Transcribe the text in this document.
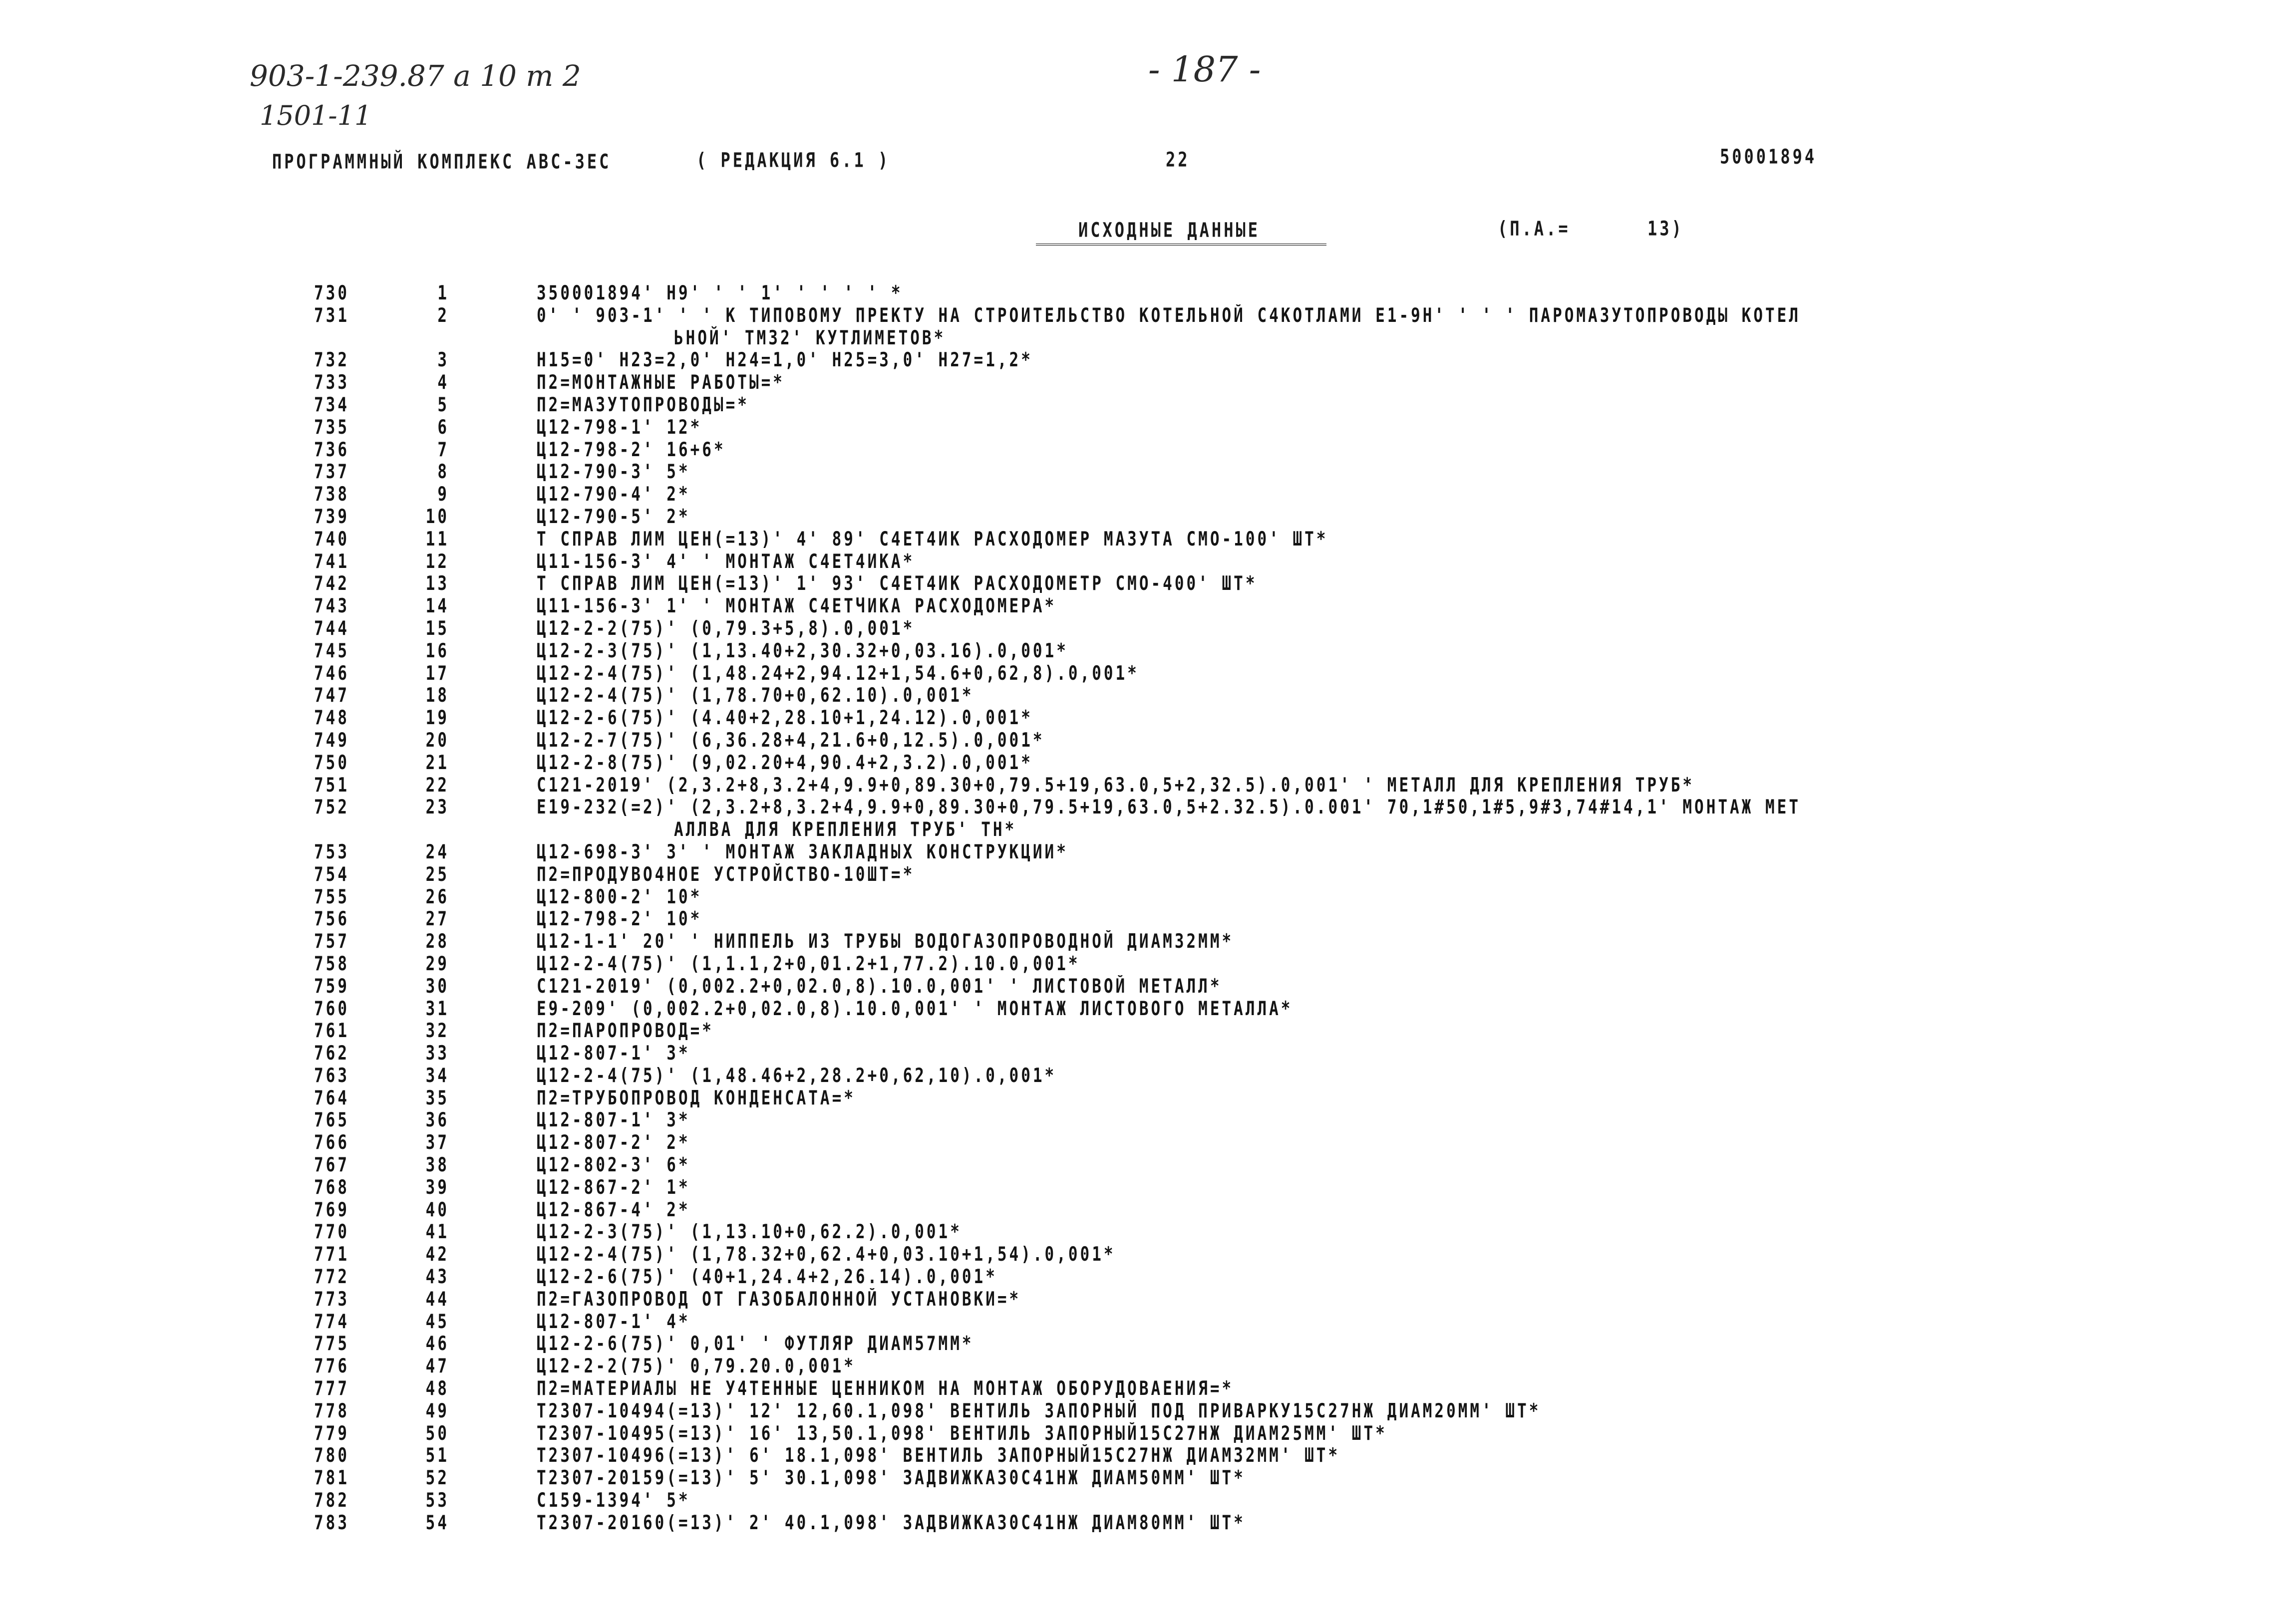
903-1-239.87 а 10 т 2
1501-11
- 187 -
ПРОГРАММНЫЙ КОМПЛЕКС АВС-ЗЕС	( РЕДАКЦИЯ 6.1 )	22	50001894
ИСХОДНЫЕ ДАННЫЕ	(П.А.=	13)
730	1	350001894' Н9' ' ' 1' ' ' ' ' *
731	2	0' ' 903-1' ' ' К ТИПОВОМУ ПРЕКТУ НА СТРОИТЕЛЬСТВО КОТЕЛЬНОЙ С4КОТЛАМИ Е1-9Н' ' ' ' ПАРОМАЗУТОПРОВОДЫ КОТЕЛ
ЬНОЙ' ТМ32' КУТЛИМЕТОВ*
732	3	Н15=0' Н23=2,0' Н24=1,0' Н25=3,0' Н27=1,2*
733	4	П2=МОНТАЖНЫЕ РАБОТЫ=*
734	5	П2=МАЗУТОПРОВОДЫ=*
735	6	Ц12-798-1' 12*
736	7	Ц12-798-2' 16+6*
737	8	Ц12-790-3' 5*
738	9	Ц12-790-4' 2*
739	10	Ц12-790-5' 2*
740	11	Т СПРАВ ЛИМ ЦЕН(=13)' 4' 89' С4ЕТ4ИК РАСХОДОМЕР МАЗУТА СМО-100' ШТ*
741	12	Ц11-156-3' 4' ' МОНТАЖ С4ЕТ4ИКА*
742	13	Т СПРАВ ЛИМ ЦЕН(=13)' 1' 93' С4ЕТ4ИК РАСХОДОМЕТР СМО-400' ШТ*
743	14	Ц11-156-3' 1' ' МОНТАЖ С4ЕТЧИКА РАСХОДОМЕРА*
744	15	Ц12-2-2(75)' (0,79.3+5,8).0,001*
745	16	Ц12-2-3(75)' (1,13.40+2,30.32+0,03.16).0,001*
746	17	Ц12-2-4(75)' (1,48.24+2,94.12+1,54.6+0,62,8).0,001*
747	18	Ц12-2-4(75)' (1,78.70+0,62.10).0,001*
748	19	Ц12-2-6(75)' (4.40+2,28.10+1,24.12).0,001*
749	20	Ц12-2-7(75)' (6,36.28+4,21.6+0,12.5).0,001*
750	21	Ц12-2-8(75)' (9,02.20+4,90.4+2,3.2).0,001*
751	22	С121-2019' (2,3.2+8,3.2+4,9.9+0,89.30+0,79.5+19,63.0,5+2,32.5).0,001' ' МЕТАЛЛ ДЛЯ КРЕПЛЕНИЯ ТРУБ*
752	23	Е19-232(=2)' (2,3.2+8,3.2+4,9.9+0,89.30+0,79.5+19,63.0,5+2.32.5).0.001' 70,1#50,1#5,9#3,74#14,1' МОНТАЖ МЕТ
АЛЛВА ДЛЯ КРЕПЛЕНИЯ ТРУБ' ТН*
753	24	Ц12-698-3' 3' ' МОНТАЖ ЗАКЛАДНЫХ КОНСТРУКЦИИ*
754	25	П2=ПРОДУВО4НОЕ УСТРОЙСТВО-10ШТ=*
755	26	Ц12-800-2' 10*
756	27	Ц12-798-2' 10*
757	28	Ц12-1-1' 20' ' НИППЕЛЬ ИЗ ТРУБЫ ВОДОГАЗОПРОВОДНОЙ ДИАМ32ММ*
758	29	Ц12-2-4(75)' (1,1.1,2+0,01.2+1,77.2).10.0,001*
759	30	С121-2019' (0,002.2+0,02.0,8).10.0,001' ' ЛИСТОВОЙ МЕТАЛЛ*
760	31	Е9-209' (0,002.2+0,02.0,8).10.0,001' ' МОНТАЖ ЛИСТОВОГО МЕТАЛЛА*
761	32	П2=ПАРОПРОВОД=*
762	33	Ц12-807-1' 3*
763	34	Ц12-2-4(75)' (1,48.46+2,28.2+0,62,10).0,001*
764	35	П2=ТРУБОПРОВОД КОНДЕНСАТА=*
765	36	Ц12-807-1' 3*
766	37	Ц12-807-2' 2*
767	38	Ц12-802-3' 6*
768	39	Ц12-867-2' 1*
769	40	Ц12-867-4' 2*
770	41	Ц12-2-3(75)' (1,13.10+0,62.2).0,001*
771	42	Ц12-2-4(75)' (1,78.32+0,62.4+0,03.10+1,54).0,001*
772	43	Ц12-2-6(75)' (40+1,24.4+2,26.14).0,001*
773	44	П2=ГАЗОПРОВОД ОТ ГАЗОБАЛОННОЙ УСТАНОВКИ=*
774	45	Ц12-807-1' 4*
775	46	Ц12-2-6(75)' 0,01' ' ФУТЛЯР ДИАМ57ММ*
776	47	Ц12-2-2(75)' 0,79.20.0,001*
777	48	П2=МАТЕРИАЛЫ НЕ У4ТЕННЫЕ ЦЕННИКОМ НА МОНТАЖ ОБОРУДОВАЕНИЯ=*
778	49	Т2307-10494(=13)' 12' 12,60.1,098' ВЕНТИЛЬ ЗАПОРНЫЙ ПОД ПРИВАРКУ15С27НЖ ДИАМ20ММ' ШТ*
779	50	Т2307-10495(=13)' 16' 13,50.1,098' ВЕНТИЛЬ ЗАПОРНЫЙ15С27НЖ ДИАМ25ММ' ШТ*
780	51	Т2307-10496(=13)' 6' 18.1,098' ВЕНТИЛЬ ЗАПОРНЫЙ15С27НЖ ДИАМ32ММ' ШТ*
781	52	Т2307-20159(=13)' 5' 30.1,098' ЗАДВИЖКА30С41НЖ ДИАМ50ММ' ШТ*
782	53	С159-1394' 5*
783	54	Т2307-20160(=13)' 2' 40.1,098' ЗАДВИЖКА30С41НЖ ДИАМ80ММ' ШТ*
